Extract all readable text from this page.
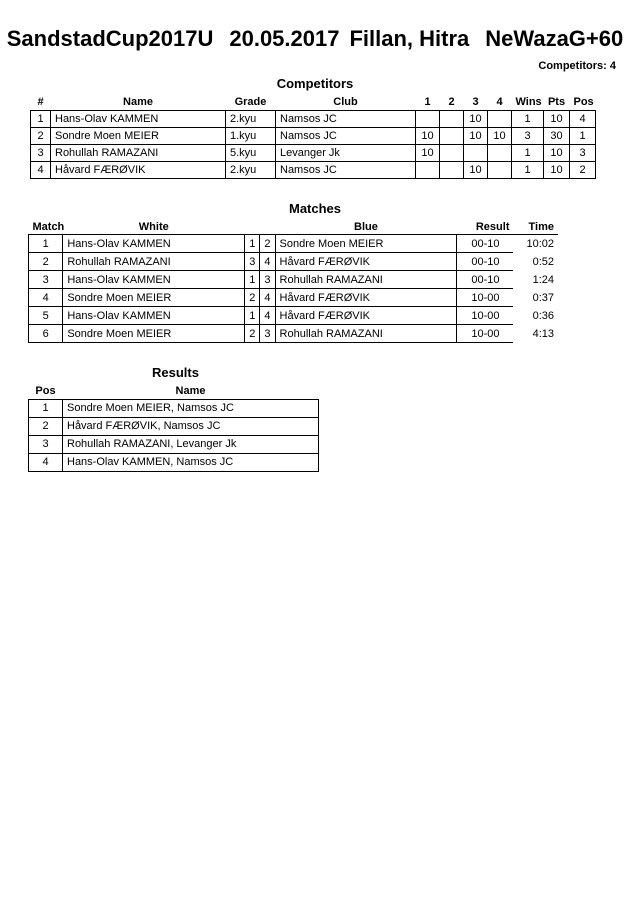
SandstadCup2017U 20.05.2017 Fillan, Hitra NeWazaG+60
Competitors: 4
Competitors
#	Name	Grade	Club	1	2	3	4	Wins	Pts	Pos
1	Hans-Olav KAMMEN	2.kyu	Namsos JC			10		1	10	4
2	Sondre Moen MEIER	1.kyu	Namsos JC	10		10	10	3	30	1
3	Rohullah RAMAZANI	5.kyu	Levanger Jk	10				1	10	3
4	Håvard FÆRØVIK	2.kyu	Namsos JC			10		1	10	2
Matches
Match	White			Blue	Result	Time
1	Hans-Olav KAMMEN	1	2	Sondre Moen MEIER	00-10	10:02
2	Rohullah RAMAZANI	3	4	Håvard FÆRØVIK	00-10	0:52
3	Hans-Olav KAMMEN	1	3	Rohullah RAMAZANI	00-10	1:24
4	Sondre Moen MEIER	2	4	Håvard FÆRØVIK	10-00	0:37
5	Hans-Olav KAMMEN	1	4	Håvard FÆRØVIK	10-00	0:36
6	Sondre Moen MEIER	2	3	Rohullah RAMAZANI	10-00	4:13
Results
Pos	Name
1	Sondre Moen MEIER, Namsos JC
2	Håvard FÆRØVIK, Namsos JC
3	Rohullah RAMAZANI, Levanger Jk
4	Hans-Olav KAMMEN, Namsos JC
